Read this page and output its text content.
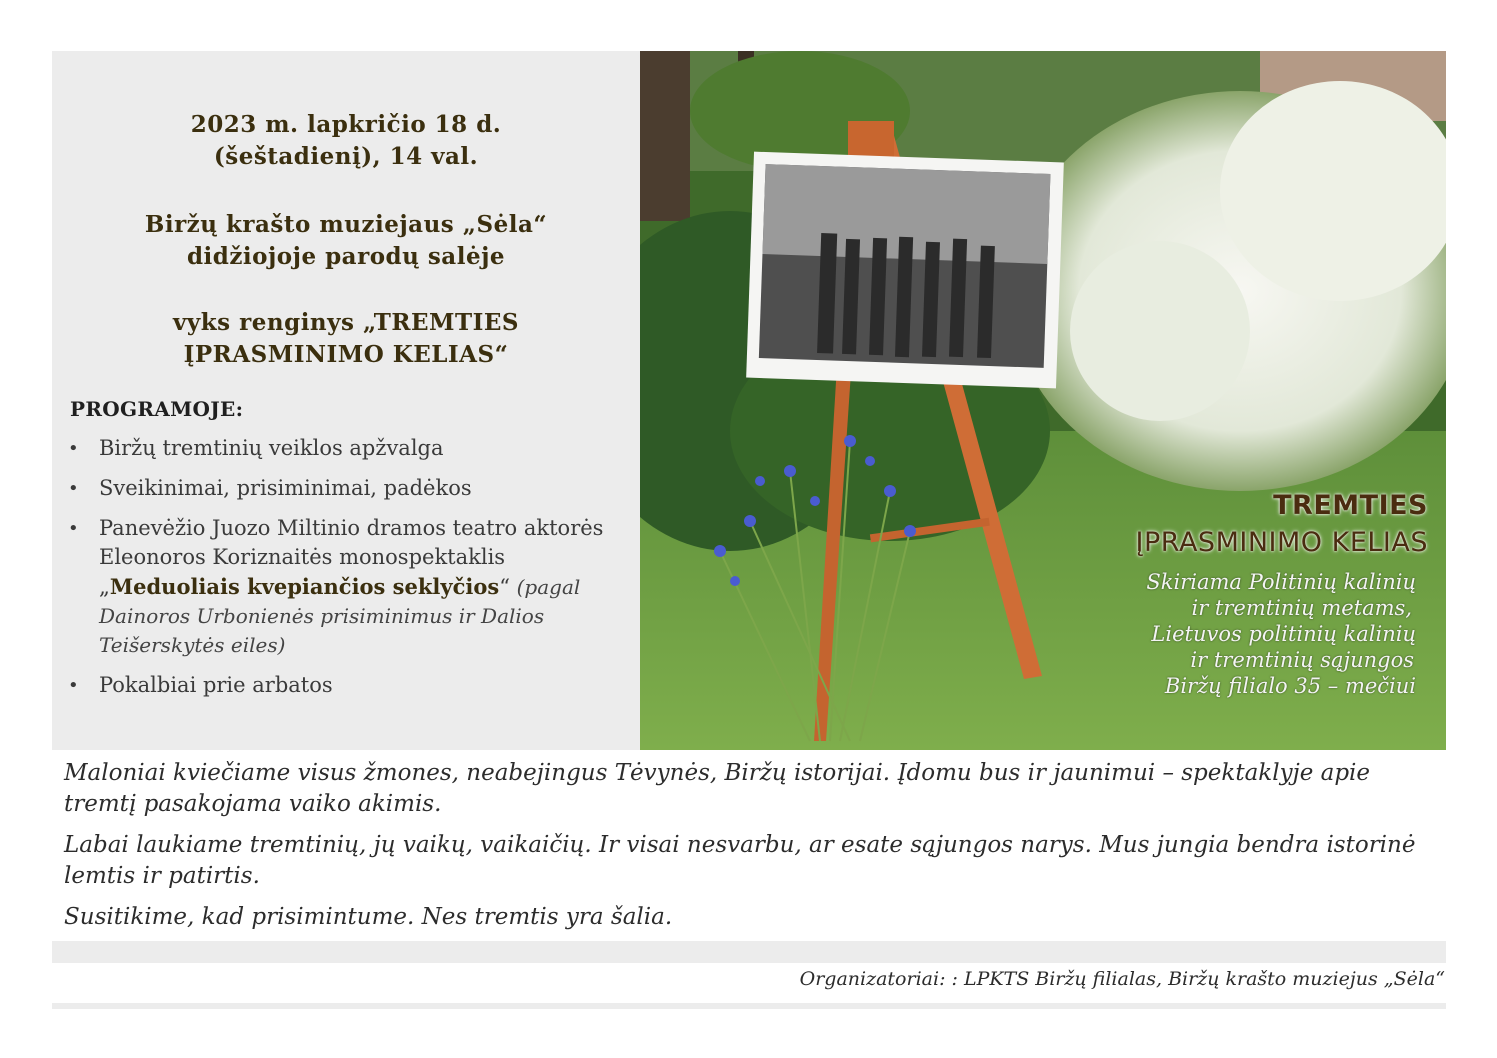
2023 m. lapkričio 18 d.
(šeštadienį), 14 val.
Biržų krašto muziejaus „Sėla“
didžiojoje parodų salėje
vyks renginys „TREMTIES
ĮPRASMINIMO KELIAS“
PROGRAMOJE:
• Biržų tremtinių veiklos apžvalga
• Sveikinimai, prisiminimai, padėkos
• Panevėžio Juozo Miltinio dramos teatro aktorės Eleonoros Koriznaitės monospektaklis „Meduoliais kvepiančios seklyčios“ (pagal Dainoros Urbonienės prisiminimus ir Dalios Teišerskytės eiles)
• Pokalbiai prie arbatos
TREMTIES
ĮPRASMINIMO KELIAS
Skiriama Politinių kalinių
ir tremtinių metams,
Lietuvos politinių kalinių
ir tremtinių sąjungos
Biržų filialo 35 – mečiui
Maloniai kviečiame visus žmones, neabejingus Tėvynės, Biržų istorijai. Įdomu bus ir jaunimui – spektaklyje apie tremtį pasakojama vaiko akimis.
Labai laukiame tremtinių, jų vaikų, vaikaičių. Ir visai nesvarbu, ar esate sąjungos narys. Mus jungia bendra istorinė lemtis ir patirtis.
Susitikime, kad prisimintume. Nes tremtis yra šalia.
Organizatoriai: : LPKTS Biržų filialas, Biržų krašto muziejus „Sėla“
